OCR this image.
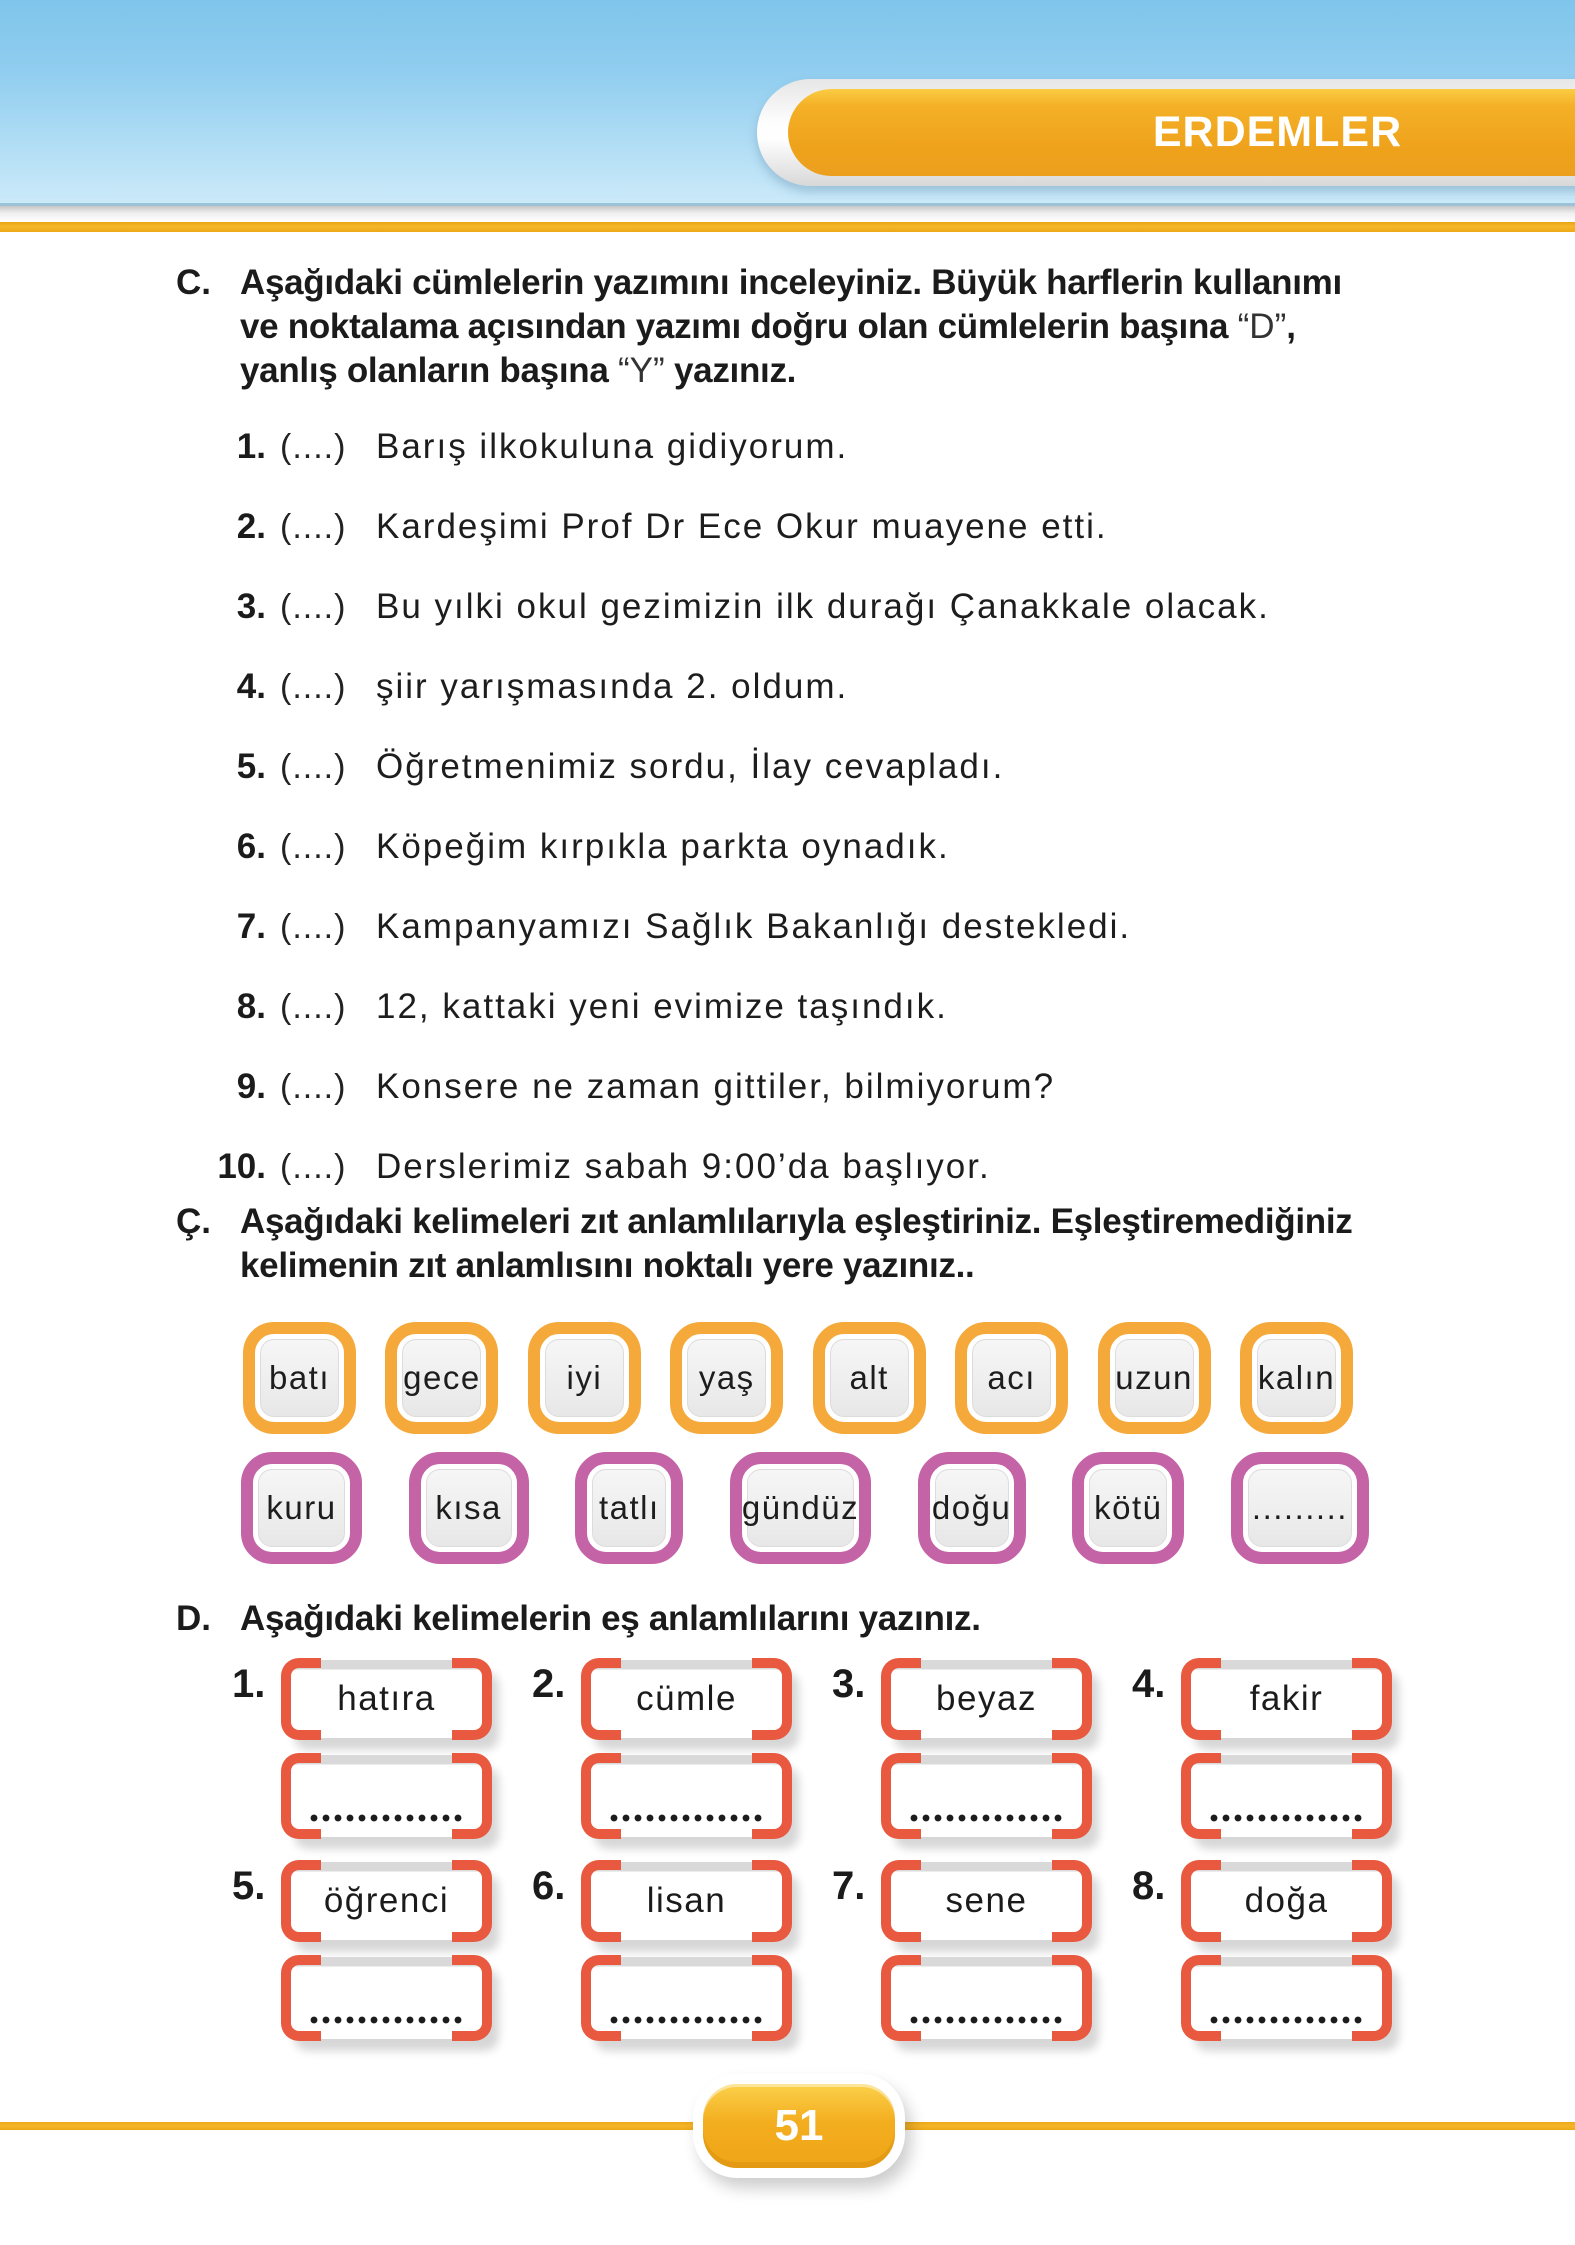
ERDEMLER
C. Aşağıdaki cümlelerin yazımını inceleyiniz. Büyük harflerin kullanımı
ve noktalama açısından yazımı doğru olan cümlelerin başına “D”,
yanlış olanların başına “Y” yazınız.
1. (....) Barış ilkokuluna gidiyorum.
2. (....) Kardeşimi Prof Dr Ece Okur muayene etti.
3. (....) Bu yılki okul gezimizin ilk durağı Çanakkale olacak.
4. (....) şiir yarışmasında 2. oldum.
5. (....) Öğretmenimiz sordu, İlay cevapladı.
6. (....) Köpeğim kırpıkla parkta oynadık.
7. (....) Kampanyamızı Sağlık Bakanlığı destekledi.
8. (....) 12, kattaki yeni evimize taşındık.
9. (....) Konsere ne zaman gittiler, bilmiyorum?
10. (....) Derslerimiz sabah 9:00’da başlıyor.
Ç. Aşağıdaki kelimeleri zıt anlamlılarıyla eşleştiriniz. Eşleştiremediğiniz
kelimenin zıt anlamlısını noktalı yere yazınız..
batı gece	iyi	yaş	alt	acı	uzun kalın
kuru	kısa	tatlı gündüz doğu	kötü	.........
D. Aşağıdaki kelimelerin eş anlamlılarını yazınız.
1.	hatıra	2.	cümle	3.	beyaz	4.	fakir
5.	öğrenci	6.	lisan	7.	sene	8.	doğa
51
